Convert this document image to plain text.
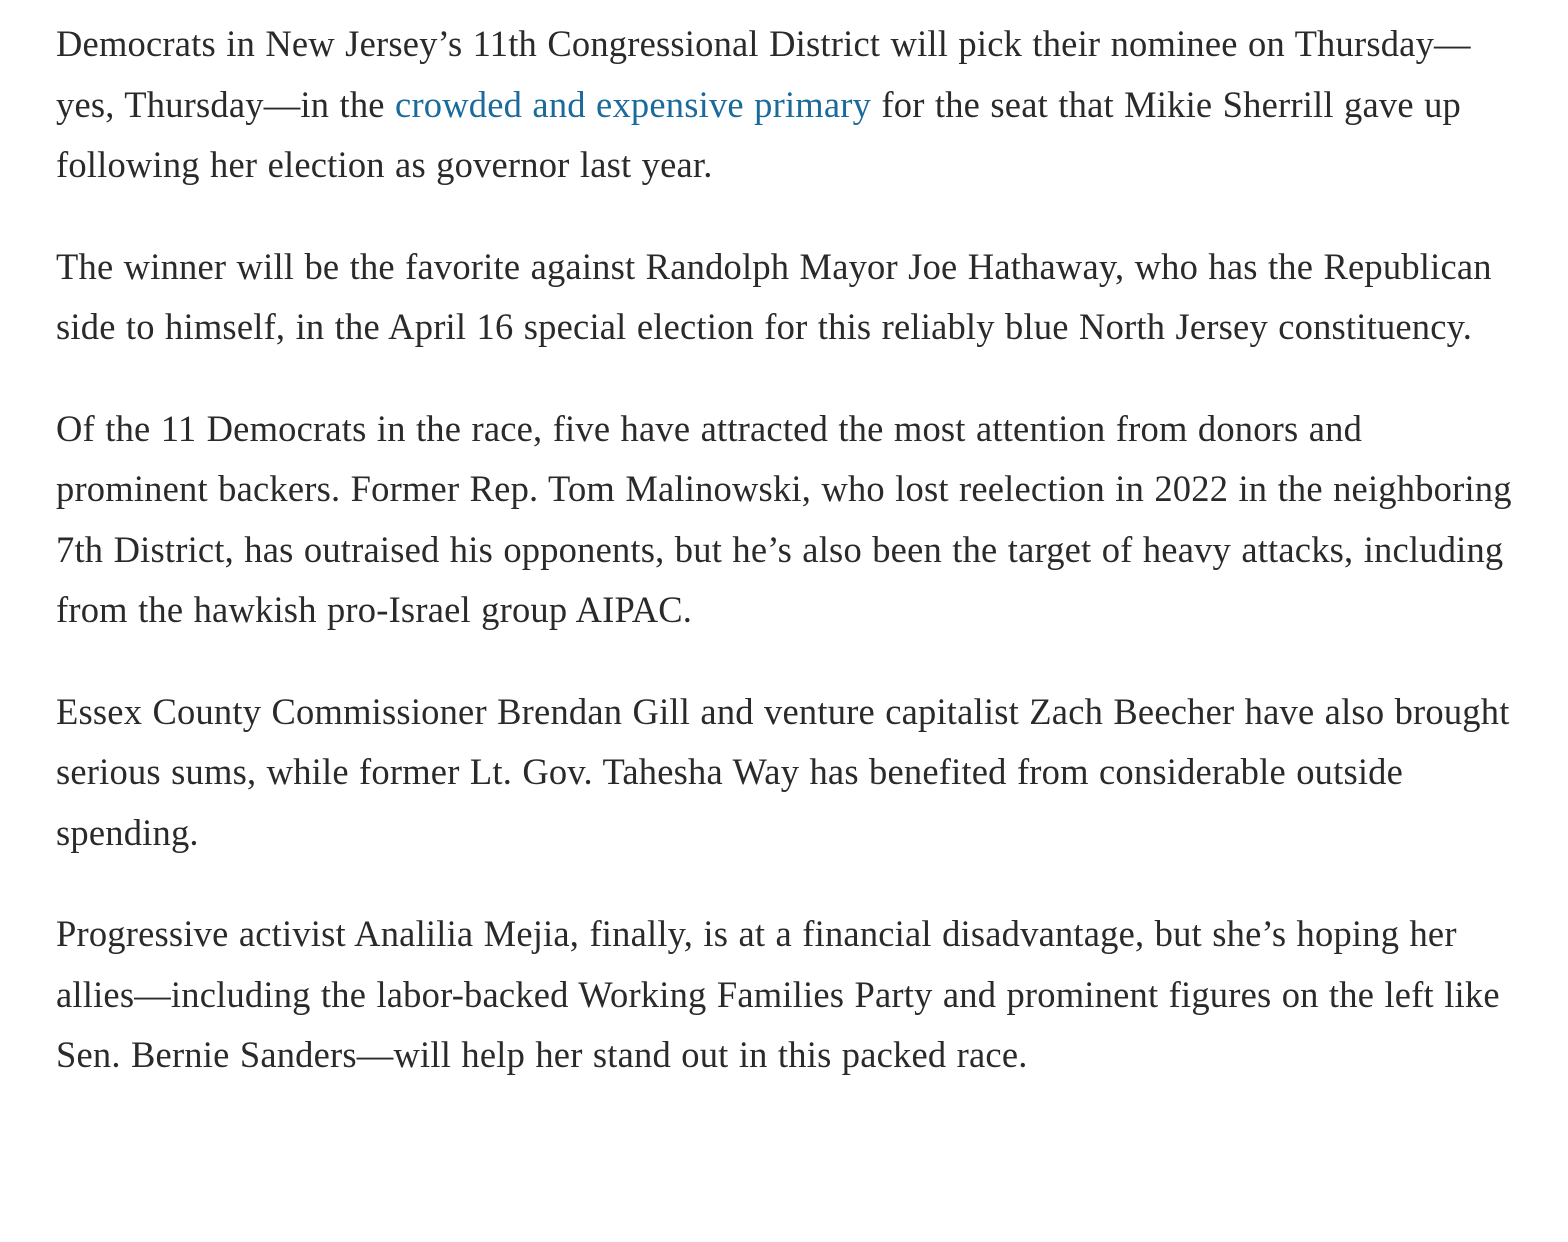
Democrats in New Jersey’s 11th Congressional District will pick their nominee on Thursday—yes, Thursday—in the crowded and expensive primary for the seat that Mikie Sherrill gave up following her election as governor last year.

The winner will be the favorite against Randolph Mayor Joe Hathaway, who has the Republican side to himself, in the April 16 special election for this reliably blue North Jersey constituency.

Of the 11 Democrats in the race, five have attracted the most attention from donors and prominent backers. Former Rep. Tom Malinowski, who lost reelection in 2022 in the neighboring 7th District, has outraised his opponents, but he’s also been the target of heavy attacks, including from the hawkish pro-Israel group AIPAC.

Essex County Commissioner Brendan Gill and venture capitalist Zach Beecher have also brought serious sums, while former Lt. Gov. Tahesha Way has benefited from considerable outside spending.

Progressive activist Analilia Mejia, finally, is at a financial disadvantage, but she’s hoping her allies—including the labor-backed Working Families Party and prominent figures on the left like Sen. Bernie Sanders—will help her stand out in this packed race.
